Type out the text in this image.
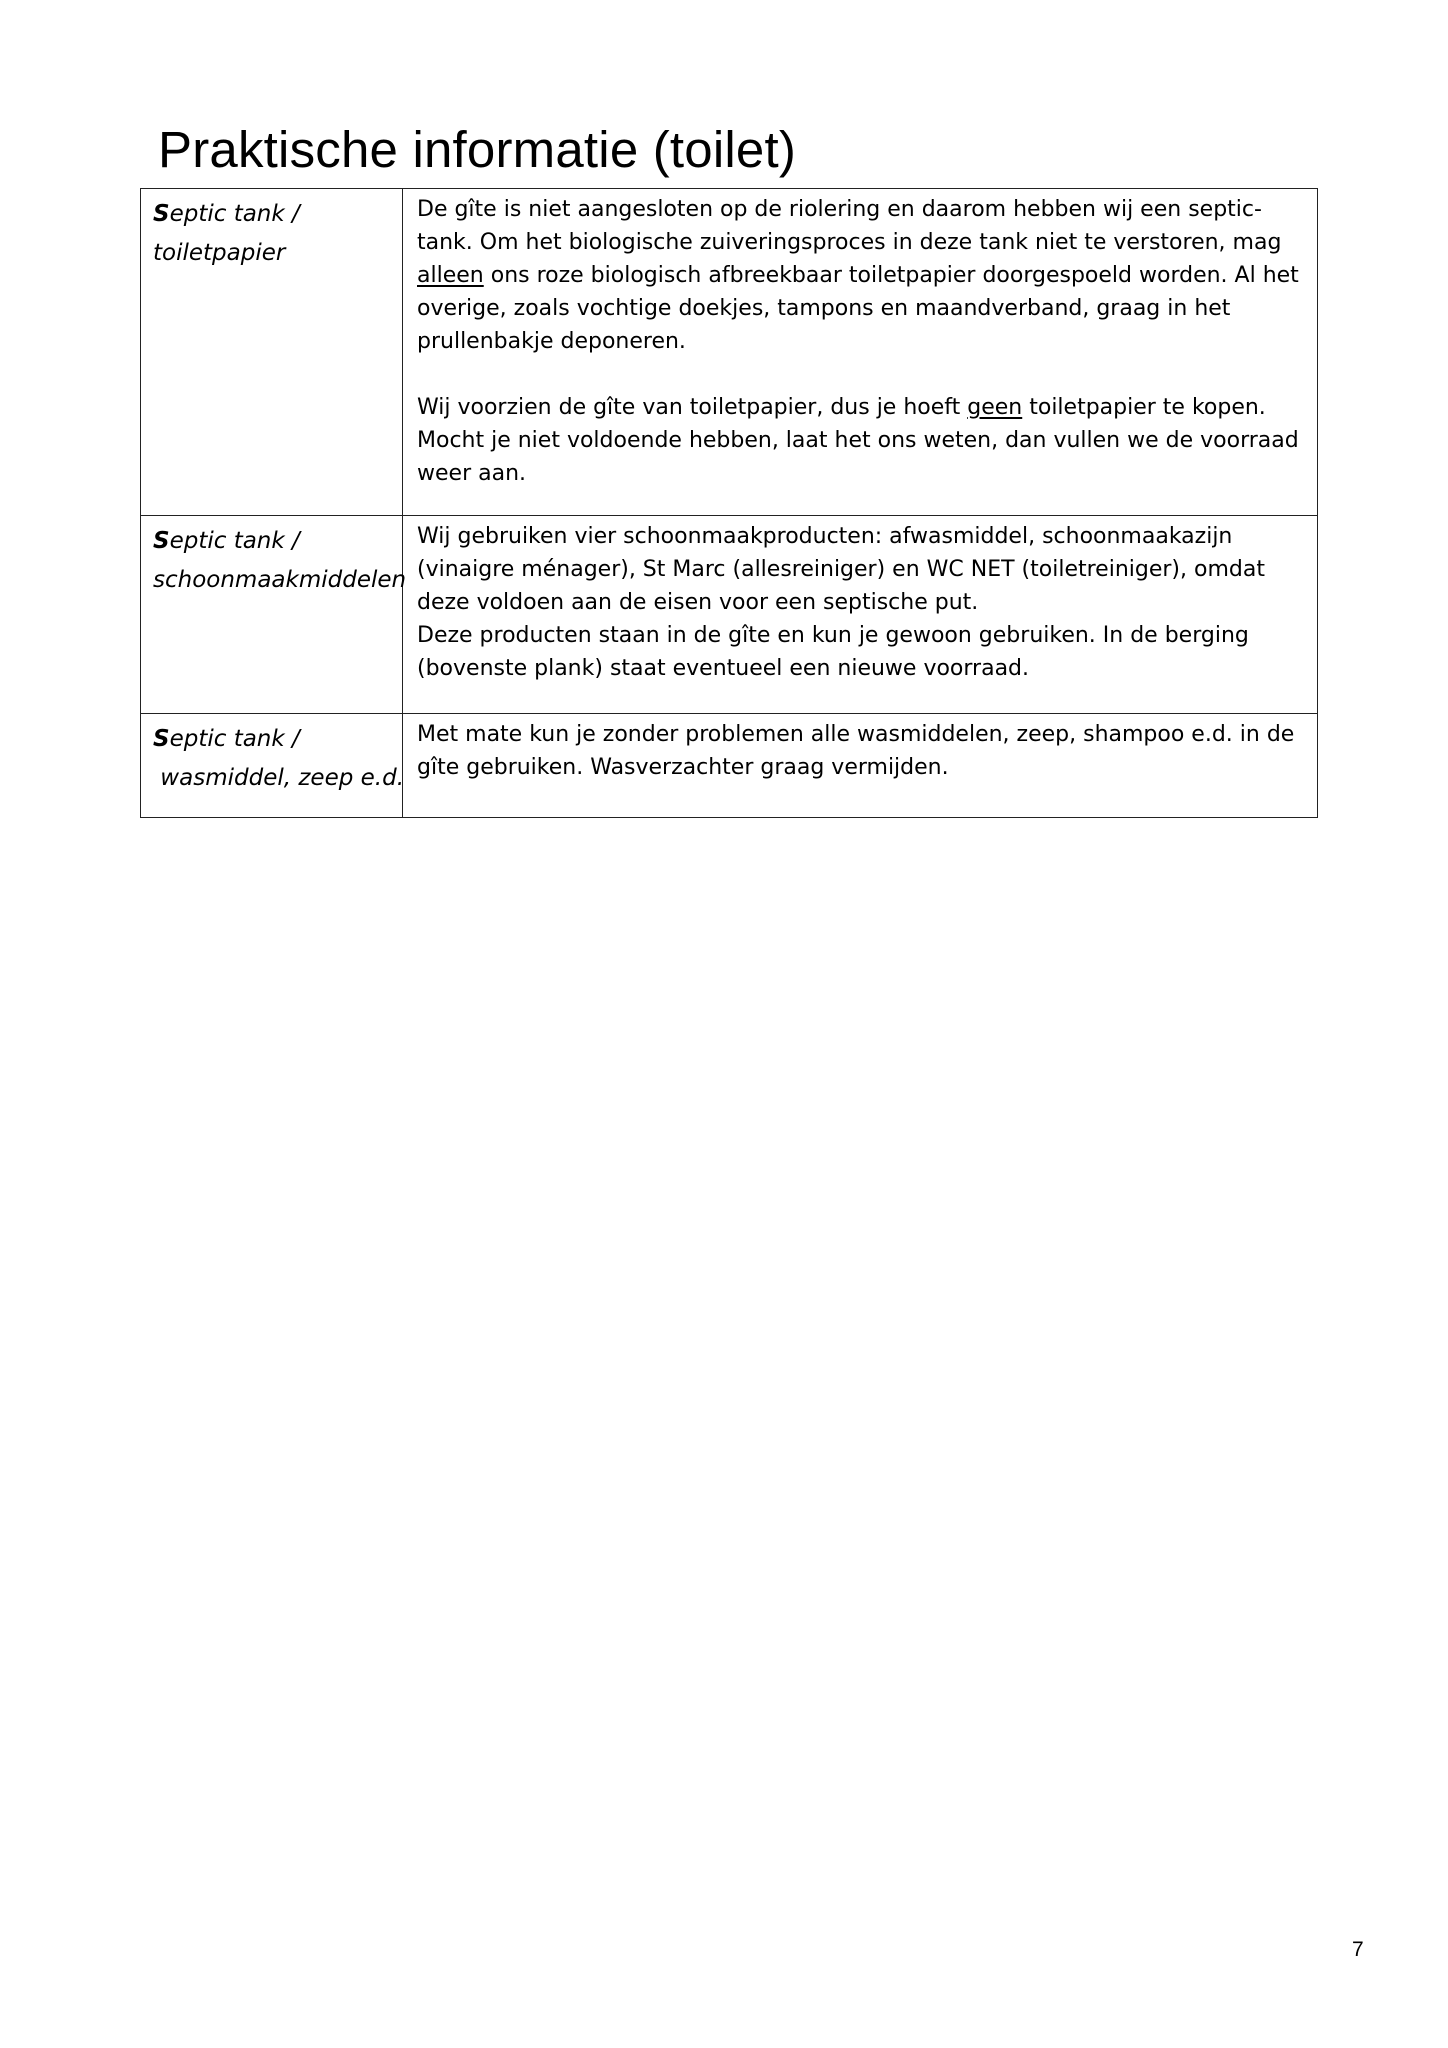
Praktische informatie (toilet)
Septic tank /
toiletpapier

De gîte is niet aangesloten op de riolering en daarom hebben wij een septic-tank. Om het biologische zuiveringsproces in deze tank niet te verstoren, mag alleen ons roze biologisch afbreekbaar toiletpapier doorgespoeld worden. Al het overige, zoals vochtige doekjes, tampons en maandverband, graag in het prullenbakje deponeren.

Wij voorzien de gîte van toiletpapier, dus je hoeft geen toiletpapier te kopen. Mocht je niet voldoende hebben, laat het ons weten, dan vullen we de voorraad weer aan.

Septic tank /
schoonmaakmiddelen

Wij gebruiken vier schoonmaakproducten: afwasmiddel, schoonmaakazijn (vinaigre ménager), St Marc (allesreiniger) en WC NET (toiletreiniger), omdat deze voldoen aan de eisen voor een septische put.

Deze producten staan in de gîte en kun je gewoon gebruiken. In de berging (bovenste plank) staat eventueel een nieuwe voorraad.

Septic tank /
wasmiddel, zeep e.d.

Met mate kun je zonder problemen alle wasmiddelen, zeep, shampoo e.d. in de gîte gebruiken. Wasverzachter graag vermijden.

7
